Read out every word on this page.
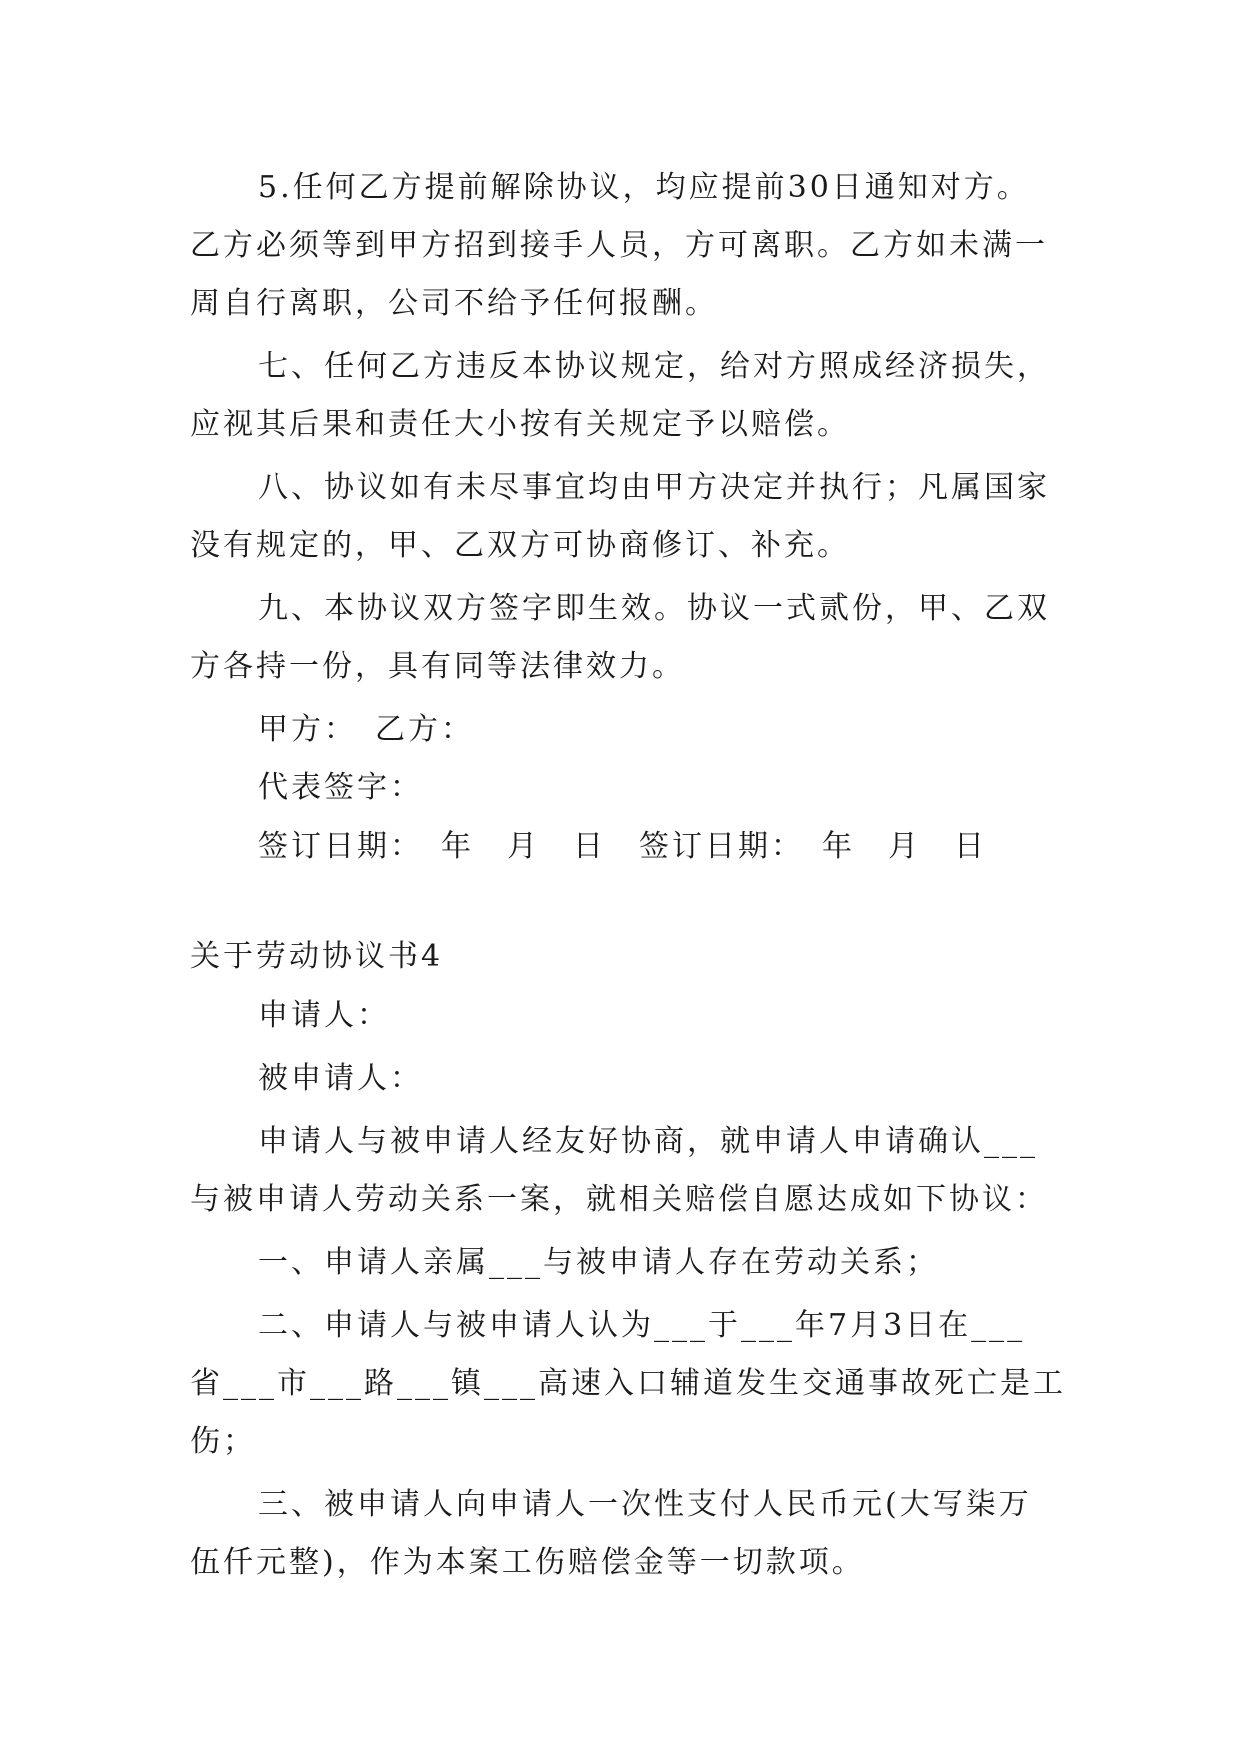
5.任何乙方提前解除协议，均应提前30日通知对方。
乙方必须等到甲方招到接手人员，方可离职。乙方如未满一
周自行离职，公司不给予任何报酬。
七、任何乙方违反本协议规定，给对方照成经济损失，
应视其后果和责任大小按有关规定予以赔偿。
八、协议如有未尽事宜均由甲方决定并执行；凡属国家
没有规定的，甲、乙双方可协商修订、补充。
九、本协议双方签字即生效。协议一式贰份，甲、乙双
方各持一份，具有同等法律效力。
甲方：　乙方：
代表签字：
签订日期：　年　月　日　签订日期：　年　月　日
关于劳动协议书4
申请人：
被申请人：
申请人与被申请人经友好协商，就申请人申请确认___
与被申请人劳动关系一案，就相关赔偿自愿达成如下协议：
一、申请人亲属___与被申请人存在劳动关系；
二、申请人与被申请人认为___于___年7月3日在___
省___市___路___镇___高速入口辅道发生交通事故死亡是工
伤；
三、被申请人向申请人一次性支付人民币元(大写柒万
伍仟元整)，作为本案工伤赔偿金等一切款项。
